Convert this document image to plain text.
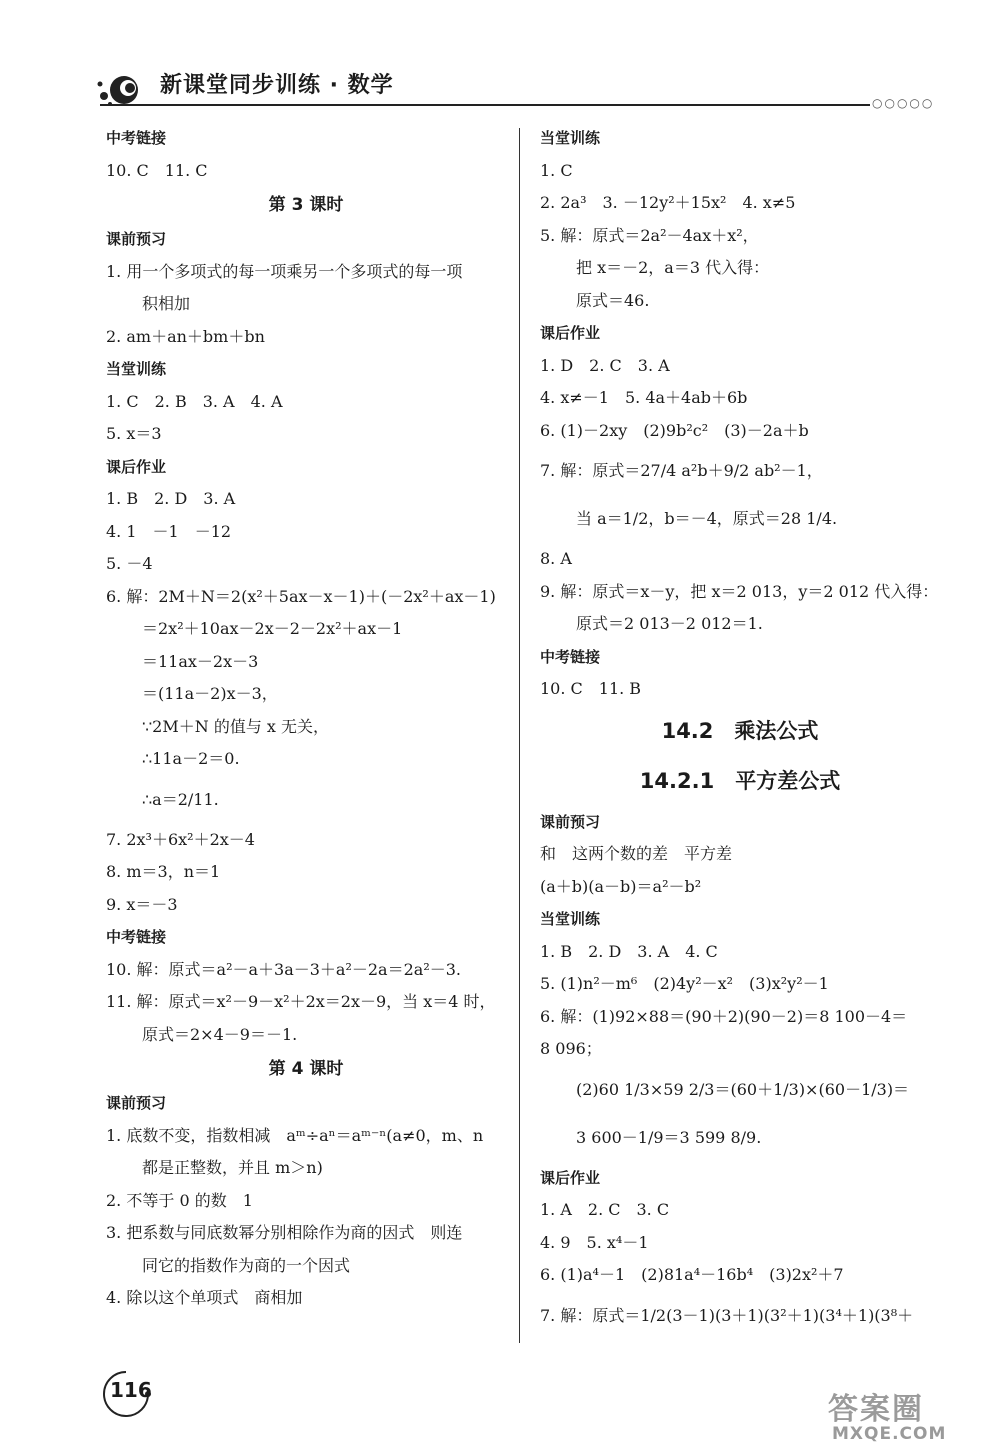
新课堂同步训练 · 数学
○○○○○
中考链接
10. C　11. C
第 3 课时
课前预习
1. 用一个多项式的每一项乘另一个多项式的每一项
积相加
2. am＋an＋bm＋bn
当堂训练
1. C　2. B　3. A　4. A
5. x＝3
课后作业
1. B　2. D　3. A
4. 1　－1　－12
5. －4
6. 解：2M＋N＝2(x²＋5ax－x－1)＋(－2x²＋ax－1)
＝2x²＋10ax－2x－2－2x²＋ax－1
＝11ax－2x－3
＝(11a－2)x－3，
∵2M＋N 的值与 x 无关，
∴11a－2＝0.
∴a＝2/11.
7. 2x³＋6x²＋2x－4
8. m＝3，n＝1
9. x＝－3
中考链接
10. 解：原式＝a²－a＋3a－3＋a²－2a＝2a²－3.
11. 解：原式＝x²－9－x²＋2x＝2x－9，当 x＝4 时，
原式＝2×4－9＝－1.
第 4 课时
课前预习
1. 底数不变，指数相减　aᵐ÷aⁿ＝aᵐ⁻ⁿ(a≠0，m、n
都是正整数，并且 m＞n)
2. 不等于 0 的数　1
3. 把系数与同底数幂分别相除作为商的因式　则连
同它的指数作为商的一个因式
4. 除以这个单项式　商相加
当堂训练
1. C
2. 2a³　3. －12y²＋15x²　4. x≠5
5. 解：原式＝2a²－4ax＋x²，
把 x＝－2，a＝3 代入得：
原式＝46.
课后作业
1. D　2. C　3. A
4. x≠－1　5. 4a＋4ab＋6b
6. (1)－2xy　(2)9b²c²　(3)－2a＋b
7. 解：原式＝27/4 a²b＋9/2 ab²－1，
当 a＝1/2，b＝－4，原式＝28 1/4.
8. A
9. 解：原式＝x－y，把 x＝2 013，y＝2 012 代入得：
原式＝2 013－2 012＝1.
中考链接
10. C　11. B
14.2　乘法公式
14.2.1　平方差公式
课前预习
和　这两个数的差　平方差
(a＋b)(a－b)＝a²－b²
当堂训练
1. B　2. D　3. A　4. C
5. (1)n²－m⁶　(2)4y²－x²　(3)x²y²－1
6. 解：(1)92×88＝(90＋2)(90－2)＝8 100－4＝
8 096；
(2)60 1/3×59 2/3＝(60＋1/3)×(60－1/3)＝
3 600－1/9＝3 599 8/9.
课后作业
1. A　2. C　3. C
4. 9　5. x⁴－1
6. (1)a⁴－1　(2)81a⁴－16b⁴　(3)2x²＋7
7. 解：原式＝1/2(3－1)(3＋1)(3²＋1)(3⁴＋1)(3⁸＋
116
答案圈
MXQE.COM
